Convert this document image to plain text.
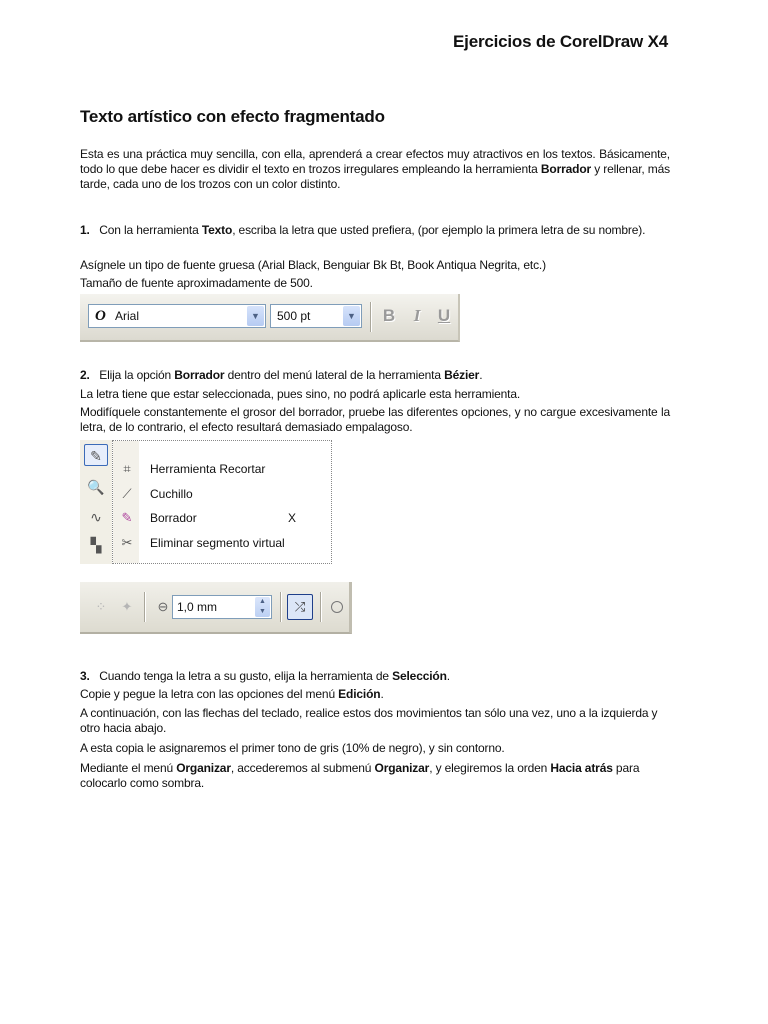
Ejercicios de CorelDraw X4
Texto artístico con efecto fragmentado
Esta es una práctica muy sencilla, con ella, aprenderá a crear efectos muy atractivos en los textos. Básicamente, todo lo que debe hacer es dividir el texto en trozos irregulares empleando la herramienta Borrador y rellenar, más tarde, cada uno de los trozos con un color distinto.
1.   Con la herramienta Texto, escriba la letra que usted prefiera, (por ejemplo la primera letra de su nombre).
Asígnele un tipo de fuente gruesa (Arial Black, Benguiar Bk Bt, Book Antiqua Negrita, etc.)
Tamaño de fuente aproximadamente de 500.
O Arial	▼	500 pt	▼ B	I	U
2.   Elija la opción Borrador dentro del menú lateral de la herramienta Bézier.
La letra tiene que estar seleccionada, pues sino, no podrá aplicarle esta herramienta.
Modifíquele constantemente el grosor del borrador, pruebe las diferentes opciones, y no cargue excesivamente la letra, de lo contrario, el efecto resultará demasiado empalagoso.
✎
🔍
∿
▚
⌗	Herramienta Recortar
⟋ Cuchillo
✎ Borrador	X
✂ Eliminar segmento virtual
⁘	✦	⊖ 1,0 mm	▲
▼	⤮
3.   Cuando tenga la letra a su gusto, elija la herramienta de Selección.
Copie y pegue la letra con las opciones del menú Edición.
A continuación, con las flechas del teclado, realice estos dos movimientos tan sólo una vez, uno a la izquierda y otro hacia abajo.
A esta copia le asignaremos el primer tono de gris (10% de negro), y sin contorno.
Mediante el menú Organizar, accederemos al submenú Organizar, y elegiremos la orden Hacia atrás para colocarlo como sombra.
